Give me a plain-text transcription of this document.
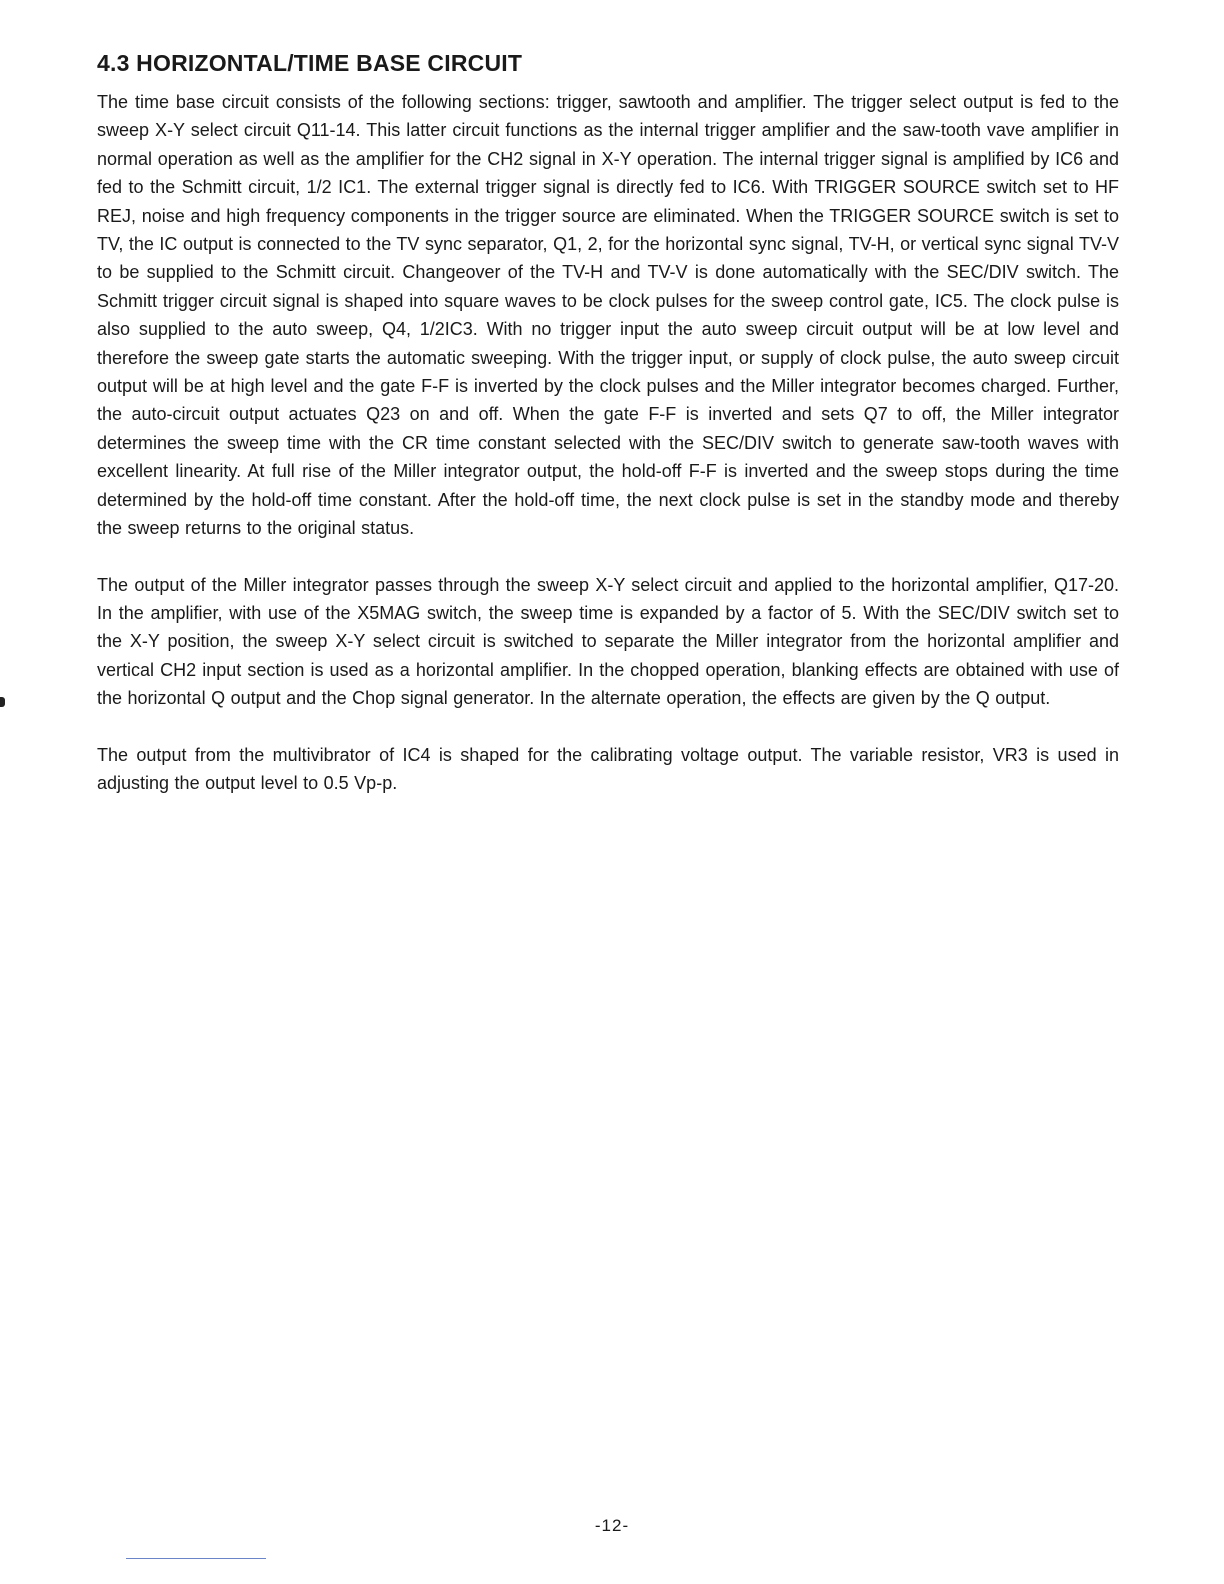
4.3 HORIZONTAL/TIME BASE CIRCUIT

The time base circuit consists of the following sections: trigger, sawtooth and amplifier. The trigger select output is fed to the sweep X-Y select circuit Q11-14. This latter circuit functions as the internal trigger amplifier and the saw-tooth vave amplifier in normal operation as well as the amplifier for the CH2 signal in X-Y operation. The internal trigger signal is amplified by IC6 and fed to the Schmitt circuit, 1/2 IC1. The external trigger signal is directly fed to IC6. With TRIGGER SOURCE switch set to HF REJ, noise and high frequency components in the trigger source are eliminated. When the TRIGGER SOURCE switch is set to TV, the IC output is connected to the TV sync separator, Q1, 2, for the horizontal sync signal, TV-H, or vertical sync signal TV-V to be supplied to the Schmitt circuit. Changeover of the TV-H and TV-V is done automatically with the SEC/DIV switch. The Schmitt trigger circuit signal is shaped into square waves to be clock pulses for the sweep control gate, IC5. The clock pulse is also supplied to the auto sweep, Q4, 1/2IC3. With no trigger input the auto sweep circuit output will be at low level and therefore the sweep gate starts the automatic sweeping. With the trigger input, or supply of clock pulse, the auto sweep circuit output will be at high level and the gate F-F is inverted by the clock pulses and the Miller integrator becomes charged. Further, the auto-circuit output actuates Q23 on and off. When the gate F-F is inverted and sets Q7 to off, the Miller integrator determines the sweep time with the CR time constant selected with the SEC/DIV switch to generate saw-tooth waves with excellent linearity. At full rise of the Miller integrator output, the hold-off F-F is inverted and the sweep stops during the time determined by the hold-off time constant. After the hold-off time, the next clock pulse is set in the standby mode and thereby the sweep returns to the original status.

The output of the Miller integrator passes through the sweep X-Y select circuit and applied to the horizontal amplifier, Q17-20. In the amplifier, with use of the X5MAG switch, the sweep time is expanded by a factor of 5. With the SEC/DIV switch set to the X-Y position, the sweep X-Y select circuit is switched to separate the Miller integrator from the horizontal amplifier and vertical CH2 input section is used as a horizontal amplifier. In the chopped operation, blanking effects are obtained with use of the horizontal Q output and the Chop signal generator. In the alternate operation, the effects are given by the Q output.

The output from the multivibrator of IC4 is shaped for the calibrating voltage output. The variable resistor, VR3 is used in adjusting the output level to 0.5 Vp-p.

-12-
